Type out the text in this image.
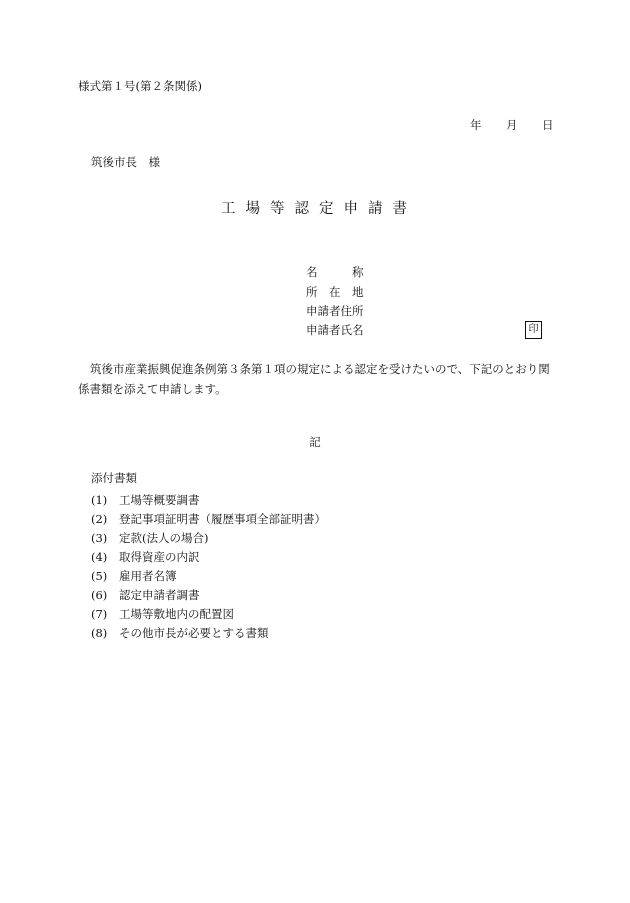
様式第１号(第２条関係)
年 月 日
筑後市長　様
工場等認定申請書
名　　　称
所　在　地
申請者住所
申請者氏名	印
筑後市産業振興促進条例第３条第１項の規定による認定を受けたいので、下記のとおり関係書類を添えて申請します。
記
添付書類
(1) 工場等概要調書
(2) 登記事項証明書（履歴事項全部証明書）
(3) 定款(法人の場合)
(4) 取得資産の内訳
(5) 雇用者名簿
(6) 認定申請者調書
(7) 工場等敷地内の配置図
(8) その他市長が必要とする書類
